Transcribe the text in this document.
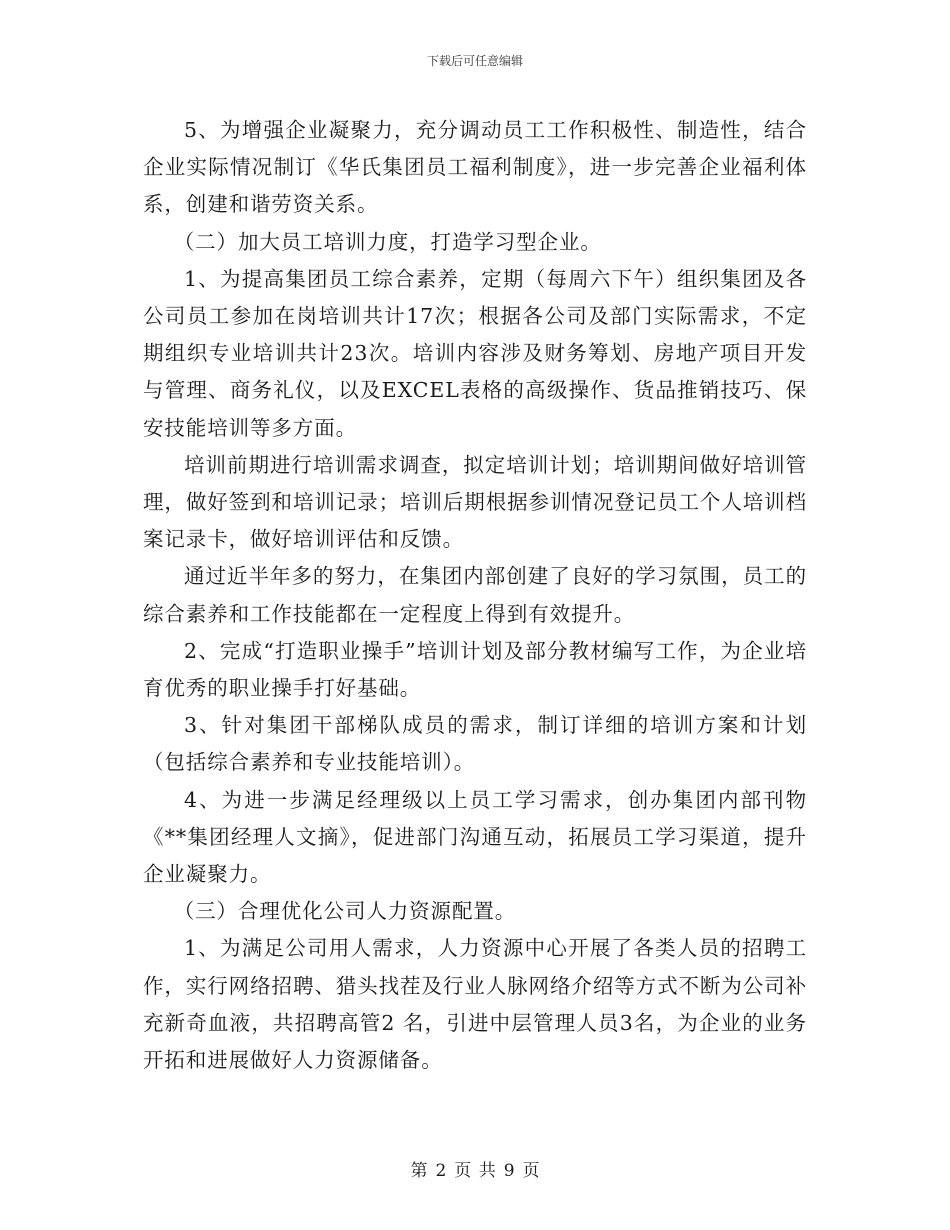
下载后可任意编辑

5、为增强企业凝聚力，充分调动员工工作积极性、制造性，结合企业实际情况制订《华氏集团员工福利制度》，进一步完善企业福利体系，创建和谐劳资关系。

（二）加大员工培训力度，打造学习型企业。

1、为提高集团员工综合素养，定期（每周六下午）组织集团及各公司员工参加在岗培训共计17次；根据各公司及部门实际需求，不定期组织专业培训共计23次。培训内容涉及财务筹划、房地产项目开发与管理、商务礼仪，以及EXCEL表格的高级操作、货品推销技巧、保安技能培训等多方面。

培训前期进行培训需求调查，拟定培训计划；培训期间做好培训管理，做好签到和培训记录；培训后期根据参训情况登记员工个人培训档案记录卡，做好培训评估和反馈。

通过近半年多的努力，在集团内部创建了良好的学习氛围，员工的综合素养和工作技能都在一定程度上得到有效提升。

2、完成“打造职业操手”培训计划及部分教材编写工作，为企业培育优秀的职业操手打好基础。

3、针对集团干部梯队成员的需求，制订详细的培训方案和计划（包括综合素养和专业技能培训）。

4、为进一步满足经理级以上员工学习需求，创办集团内部刊物《**集团经理人文摘》，促进部门沟通互动，拓展员工学习渠道，提升企业凝聚力。

（三）合理优化公司人力资源配置。

1、为满足公司用人需求，人力资源中心开展了各类人员的招聘工作，实行网络招聘、猎头找茬及行业人脉网络介绍等方式不断为公司补充新奇血液，共招聘高管2 名，引进中层管理人员3名，为企业的业务开拓和进展做好人力资源储备。

第 2 页 共 9 页
